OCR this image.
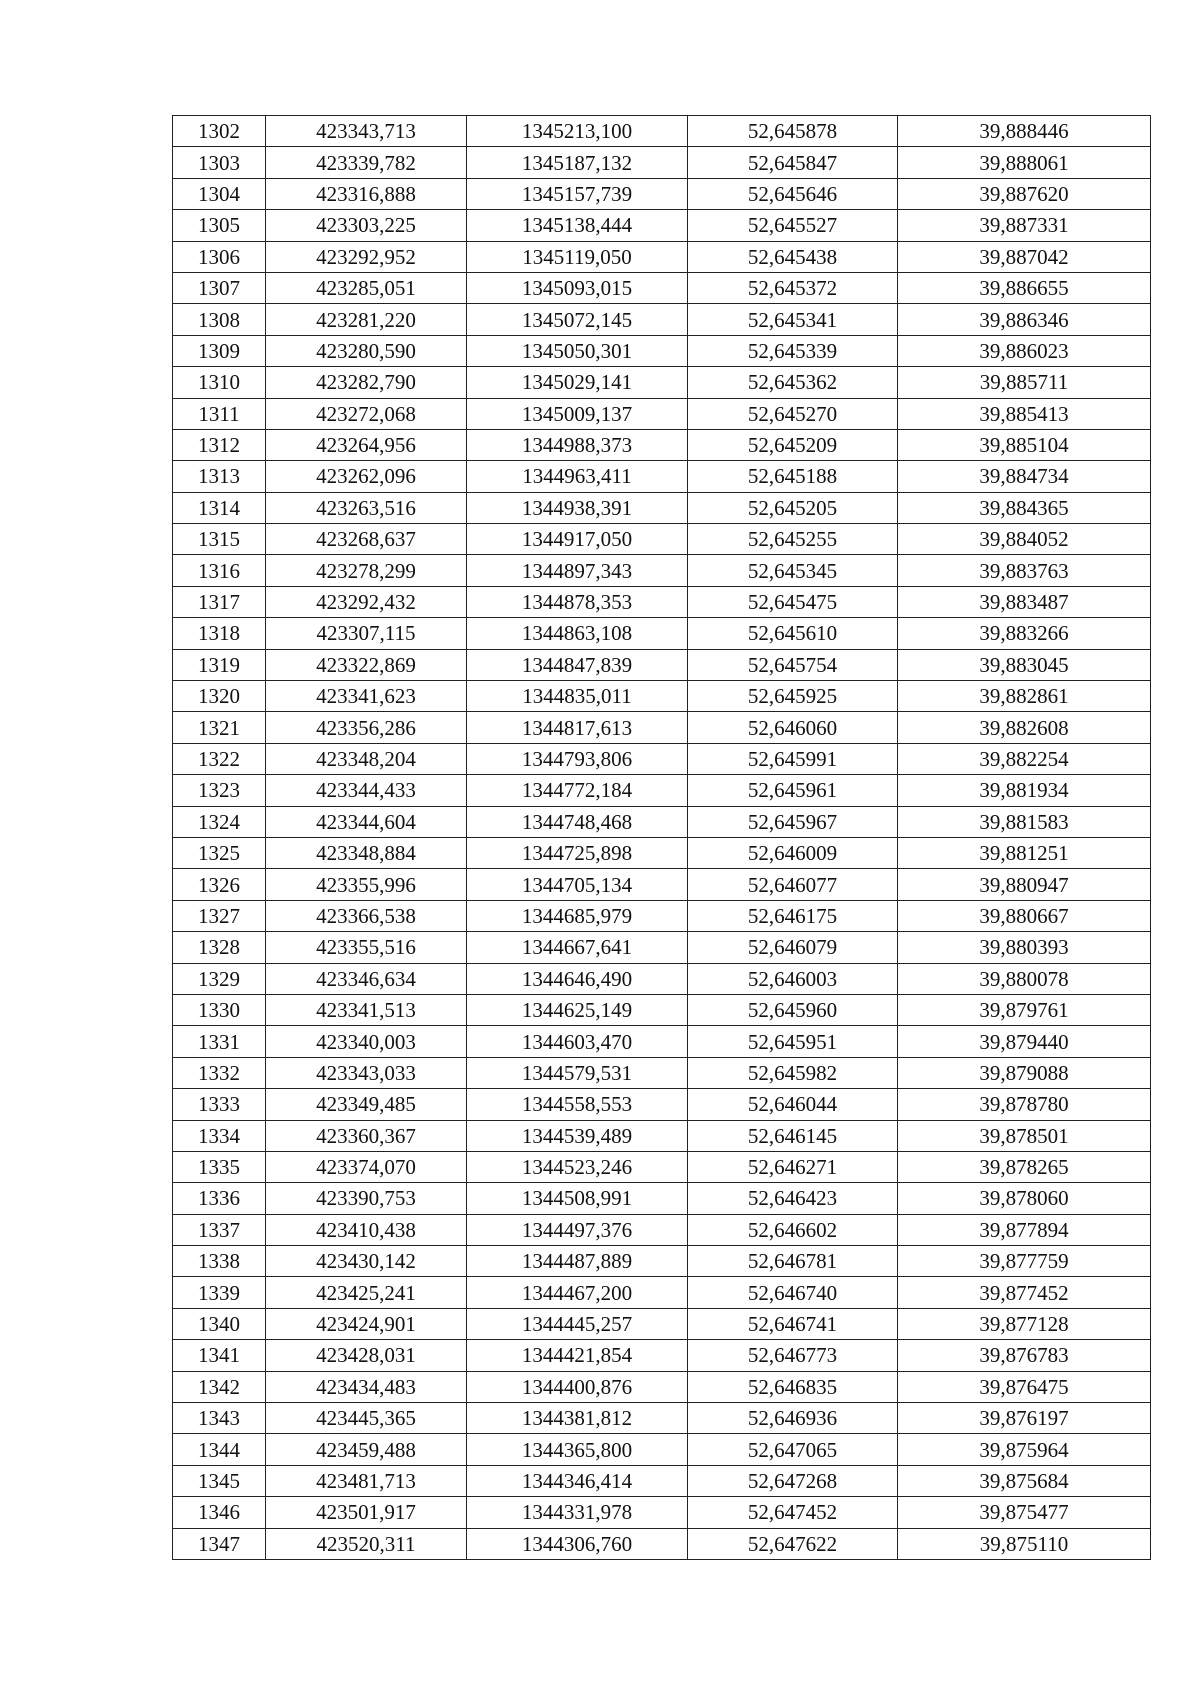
1302	423343,713	1345213,100	52,645878	39,888446
1303	423339,782	1345187,132	52,645847	39,888061
1304	423316,888	1345157,739	52,645646	39,887620
1305	423303,225	1345138,444	52,645527	39,887331
1306	423292,952	1345119,050	52,645438	39,887042
1307	423285,051	1345093,015	52,645372	39,886655
1308	423281,220	1345072,145	52,645341	39,886346
1309	423280,590	1345050,301	52,645339	39,886023
1310	423282,790	1345029,141	52,645362	39,885711
1311	423272,068	1345009,137	52,645270	39,885413
1312	423264,956	1344988,373	52,645209	39,885104
1313	423262,096	1344963,411	52,645188	39,884734
1314	423263,516	1344938,391	52,645205	39,884365
1315	423268,637	1344917,050	52,645255	39,884052
1316	423278,299	1344897,343	52,645345	39,883763
1317	423292,432	1344878,353	52,645475	39,883487
1318	423307,115	1344863,108	52,645610	39,883266
1319	423322,869	1344847,839	52,645754	39,883045
1320	423341,623	1344835,011	52,645925	39,882861
1321	423356,286	1344817,613	52,646060	39,882608
1322	423348,204	1344793,806	52,645991	39,882254
1323	423344,433	1344772,184	52,645961	39,881934
1324	423344,604	1344748,468	52,645967	39,881583
1325	423348,884	1344725,898	52,646009	39,881251
1326	423355,996	1344705,134	52,646077	39,880947
1327	423366,538	1344685,979	52,646175	39,880667
1328	423355,516	1344667,641	52,646079	39,880393
1329	423346,634	1344646,490	52,646003	39,880078
1330	423341,513	1344625,149	52,645960	39,879761
1331	423340,003	1344603,470	52,645951	39,879440
1332	423343,033	1344579,531	52,645982	39,879088
1333	423349,485	1344558,553	52,646044	39,878780
1334	423360,367	1344539,489	52,646145	39,878501
1335	423374,070	1344523,246	52,646271	39,878265
1336	423390,753	1344508,991	52,646423	39,878060
1337	423410,438	1344497,376	52,646602	39,877894
1338	423430,142	1344487,889	52,646781	39,877759
1339	423425,241	1344467,200	52,646740	39,877452
1340	423424,901	1344445,257	52,646741	39,877128
1341	423428,031	1344421,854	52,646773	39,876783
1342	423434,483	1344400,876	52,646835	39,876475
1343	423445,365	1344381,812	52,646936	39,876197
1344	423459,488	1344365,800	52,647065	39,875964
1345	423481,713	1344346,414	52,647268	39,875684
1346	423501,917	1344331,978	52,647452	39,875477
1347	423520,311	1344306,760	52,647622	39,875110
